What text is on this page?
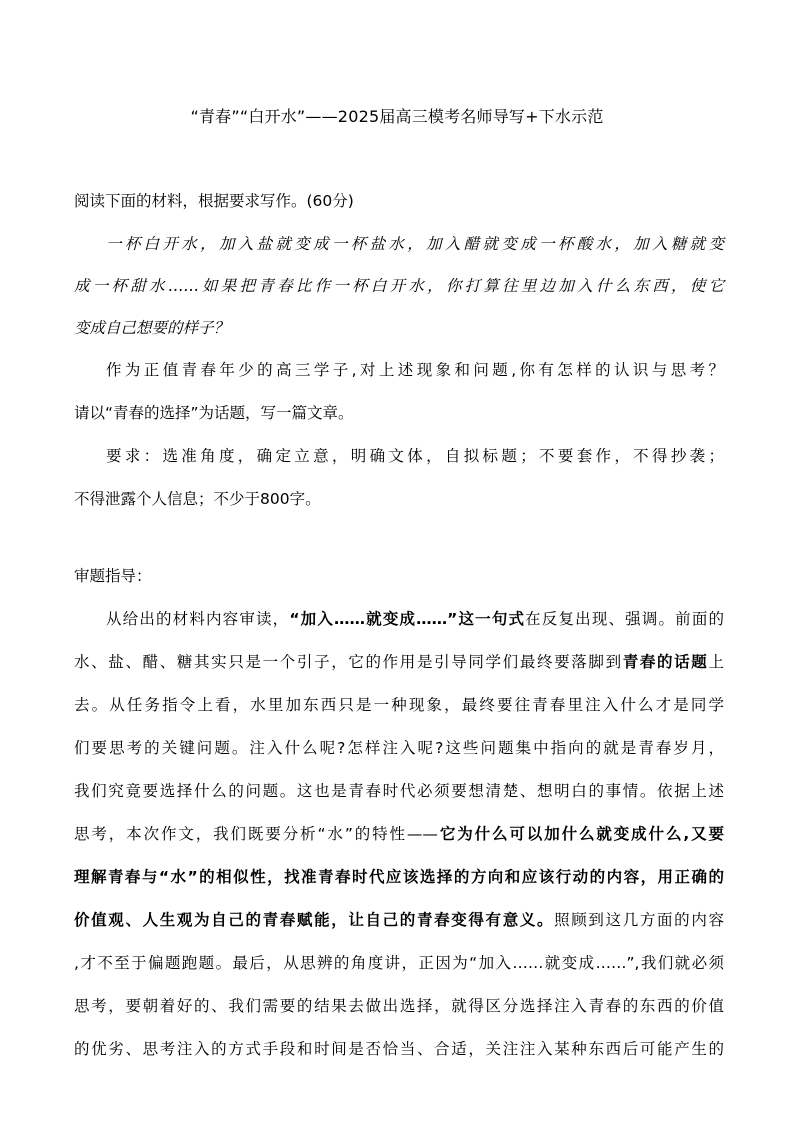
“青春”“白开水”——2025届高三模考名师导写+下水示范
阅读下面的材料，根据要求写作。(60分)
一杯白开水，加入盐就变成一杯盐水，加入醋就变成一杯酸水，加入糖就变
成一杯甜水……如果把青春比作一杯白开水，你打算往里边加入什么东西，使它
变成自己想要的样子？
作为正值青春年少的高三学子,对上述现象和问题,你有怎样的认识与思考？
请以“青春的选择”为话题，写一篇文章。
要求：选准角度，确定立意，明确文体，自拟标题；不要套作，不得抄袭；
不得泄露个人信息；不少于800字。
审题指导：
从给出的材料内容审读，“加入……就变成……”这一句式在反复出现、强调。前面的
水、盐、醋、糖其实只是一个引子，它的作用是引导同学们最终要落脚到青春的话题上
去。从任务指令上看，水里加东西只是一种现象，最终要往青春里注入什么才是同学
们要思考的关键问题。注入什么呢?怎样注入呢?这些问题集中指向的就是青春岁月，
我们究竟要选择什么的问题。这也是青春时代必须要想清楚、想明白的事情。依据上述
思考，本次作文，我们既要分析“水”的特性——它为什么可以加什么就变成什么,又要
理解青春与“水”的相似性，找准青春时代应该选择的方向和应该行动的内容，用正确的
价值观、人生观为自己的青春赋能，让自己的青春变得有意义。照顾到这几方面的内容
,才不至于偏题跑题。最后，从思辨的角度讲，正因为“加入……就变成……”,我们就必须
思考，要朝着好的、我们需要的结果去做出选择，就得区分选择注入青春的东西的价值
的优劣、思考注入的方式手段和时间是否恰当、合适，关注注入某种东西后可能产生的
